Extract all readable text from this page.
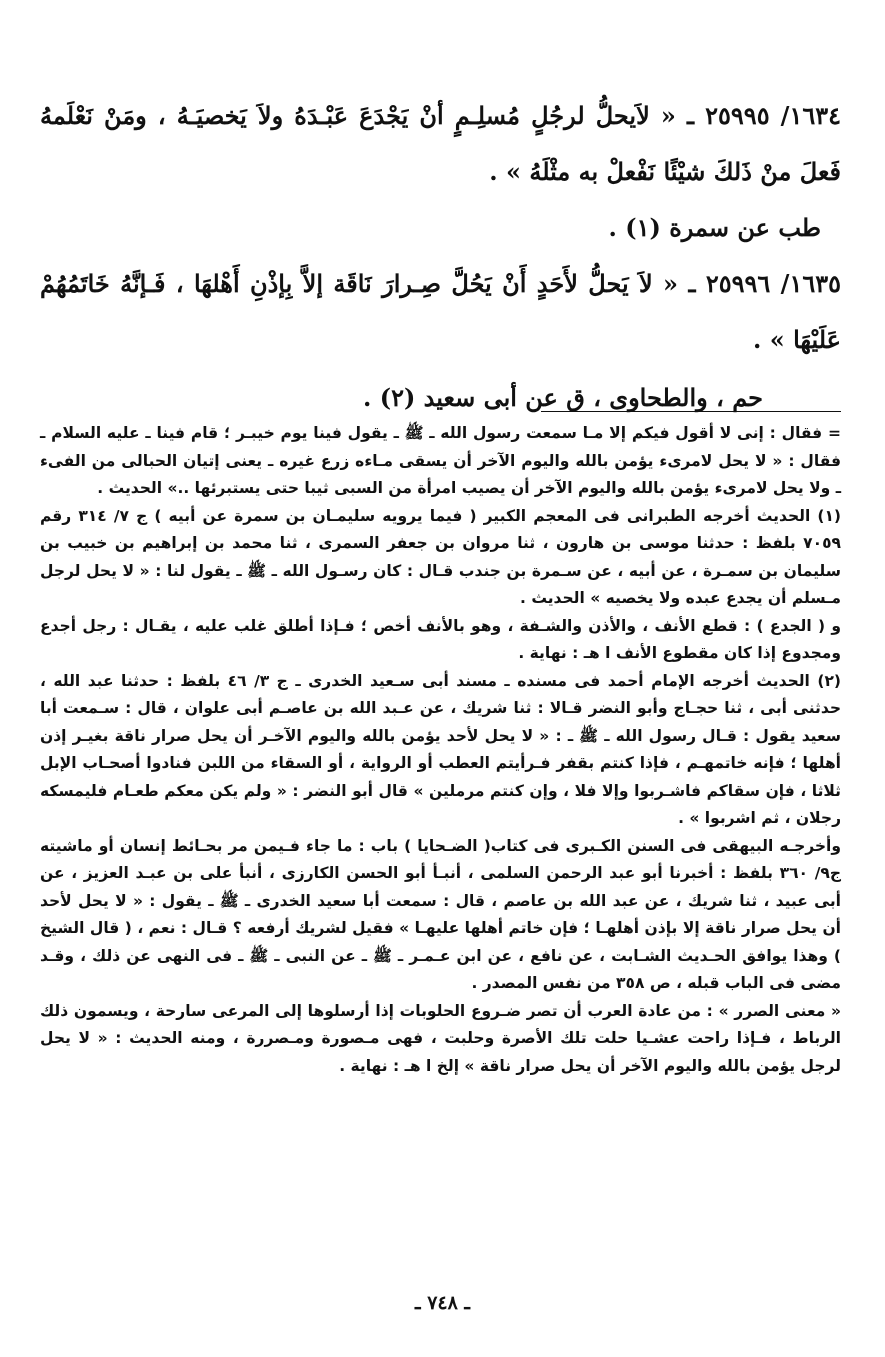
١٦٣٤/ ٢٥٩٩٥ ـ « لاَيحلُّ لرجُلٍ مُسلِـمٍ أنْ يَجْدَعَ عَبْـدَهُ ولاَ يَخصيَـهُ ، ومَنْ نَعْلَمهُ فَعلَ منْ ذَلكَ شيْئًا نَفْعلْ به مثْلَهُ » .

طب عن سمرة (١) .

١٦٣٥/ ٢٥٩٩٦ ـ « لاَ يَحلُّ لأَحَدٍ أَنْ يَحُلَّ صِـرارَ نَاقَة إلاَّ بِإذْنِ أَهْلهَا ، فَـإنَّهُ خَاتَمُهُمْ عَلَيْهَا » .

حم ، والطحاوى ، ق عن أبى سعيد (٢) .

= فقال : إنى لا أقول فيكم إلا مـا سمعت رسول الله ـ ﷺ ـ يقول فينا يوم خيبـر ؛ قام فينا ـ عليه السلام ـ فقال : « لا يحل لامرىء يؤمن بالله واليوم الآخر أن يسقى مـاءه زرع غيره ـ يعنى إتيان الحبالى من الفىء ـ ولا يحل لامرىء يؤمن بالله واليوم الآخر أن يصيب امرأة من السبى ثيبا حتى يستبرئها ..» الحديث .

(١) الحديث أخرجه الطبرانى فى المعجم الكبير ( فيما يرويه سليمـان بن سمرة عن أبيه ) ج ٧/ ٣١٤ رقم ٧٠٥٩ بلفظ : حدثنا موسى بن هارون ، ثنا مروان بن جعفر السمرى ، ثنا محمد بن إبراهيم بن خبيب بن سليمان بن سمـرة ، عن أبيه ، عن سـمرة بن جندب قـال : كان رسـول الله ـ ﷺ ـ يقول لنا : « لا يحل لرجل مـسلم أن يجدع عبده ولا يخصيه » الحديث .

و ( الجدع ) : قطع الأنف ، والأذن والشـفة ، وهو بالأنف أخص ؛ فـإذا أطلق غلب عليه ، يقـال : رجل أجدع ومجدوع إذا كان مقطوع الأنف ا هـ : نهاية .

(٢) الحديث أخرجه الإمام أحمد فى مسنده ـ مسند أبى سـعيد الخدرى ـ ج ٣/ ٤٦ بلفظ : حدثنا عبد الله ، حدثنى أبى ، ثنا حجـاج وأبو النضر قـالا : ثنا شريك ، عن عـبد الله بن عاصـم أبى علوان ، قال : سـمعت أبا سعيد يقول : قـال رسول الله ـ ﷺ ـ : « لا يحل لأحد يؤمن بالله واليوم الآخـر أن يحل صرار ناقة بغيـر إذن أهلها ؛ فإنه خاتمهـم ، فإذا كنتم بقفر فـرأيتم العطب أو الرواية ، أو السقاء من اللبن فنادوا أصحـاب الإبل ثلاثا ، فإن سقاكم فاشـربوا وإلا فلا ، وإن كنتم مرملين » قال أبو النضر : « ولم يكن معكم طعـام فليمسكه رجلان ، ثم اشربوا » .

وأخرجـه البيهقى فى السنن الكـبرى فى كتاب( الضـحايا ) باب : ما جاء فـيمن مر بحـائط إنسان أو ماشيته ج٩/ ٣٦٠ بلفظ : أخبرنا أبو عبد الرحمن السلمى ، أنبـأ أبو الحسن الكارزى ، أنبأ على بن عبـد العزيز ، عن أبى عبيد ، ثنا شريك ، عن عبد الله بن عاصم ، قال : سمعت أبا سعيد الخدرى ـ ﷺ ـ يقول : « لا يحل لأحد أن يحل صرار ناقة إلا بإذن أهلهـا ؛ فإن خاتم أهلها عليهـا » فقيل لشريك أرفعه ؟ قـال : نعم ، ( قال الشيخ ) وهذا يوافق الحـديث الشـابت ، عن نافع ، عن ابن عـمـر ـ ﷺ ـ عن النبى ـ ﷺ ـ فى النهى عن ذلك ، وقـد مضى فى الباب قبله ، ص ٣٥٨ من نفس المصدر .

« معنى الصرر » : من عادة العرب أن تصر ضـروع الحلوبات إذا أرسلوها إلى المرعى سارحة ، ويسمون ذلك الرباط ، فـإذا راحت عشـيا حلت تلك الأصرة وحلبت ، فهى مـصورة ومـصررة ، ومنه الحديث : « لا يحل لرجل يؤمن بالله واليوم الآخر أن يحل صرار ناقة » إلخ ا هـ : نهاية .

ـ ٧٤٨ ـ
